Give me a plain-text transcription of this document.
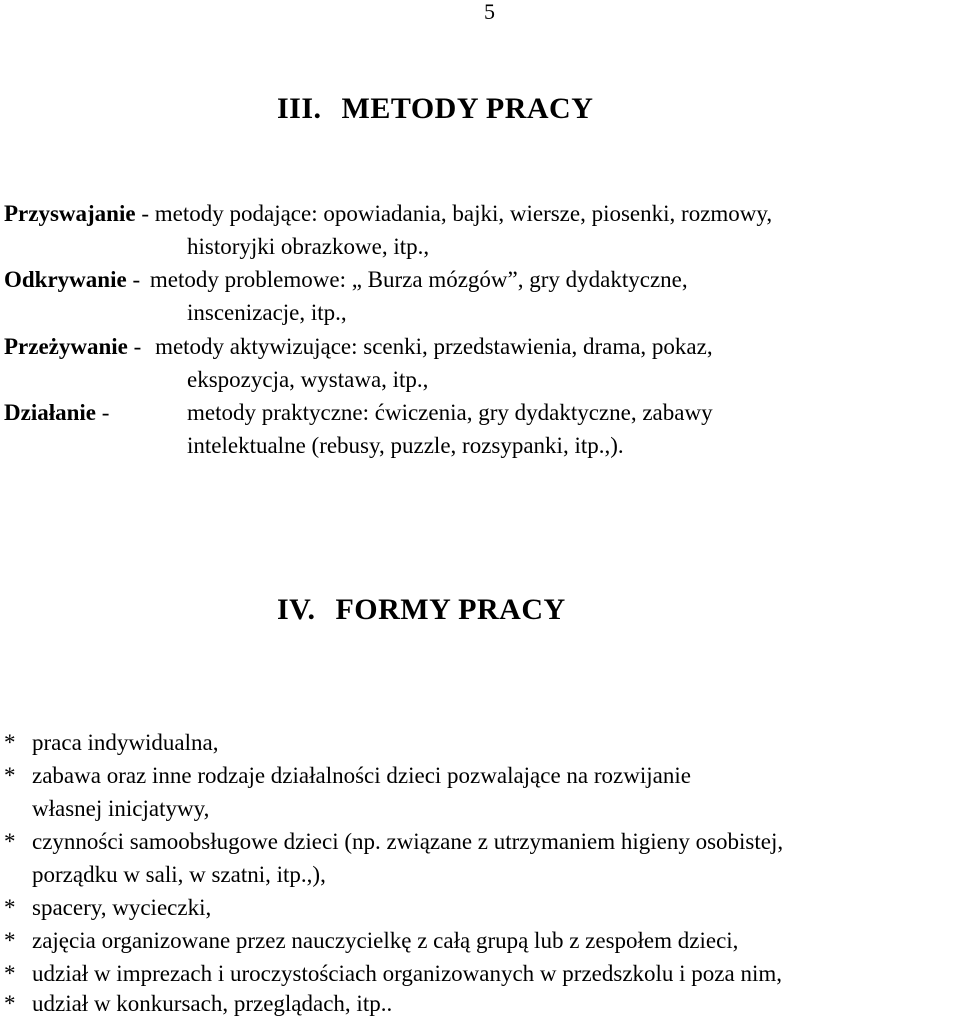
5
III. METODY PRACY
Przyswajanie - metody podające: opowiadania, bajki, wiersze, piosenki, rozmowy,
historyjki obrazkowe, itp.,
Odkrywanie - metody problemowe: „ Burza mózgów”, gry dydaktyczne,
inscenizacje, itp.,
Przeżywanie - metody aktywizujące: scenki, przedstawienia, drama, pokaz,
ekspozycja, wystawa, itp.,
Działanie -	metody praktyczne: ćwiczenia, gry dydaktyczne, zabawy
intelektualne (rebusy, puzzle, rozsypanki, itp.,).
IV. FORMY PRACY
* praca indywidualna,
* zabawa oraz inne rodzaje działalności dzieci pozwalające na rozwijanie
własnej inicjatywy,
* czynności samoobsługowe dzieci (np. związane z utrzymaniem higieny osobistej,
porządku w sali, w szatni, itp.,),
* spacery, wycieczki,
* zajęcia organizowane przez nauczycielkę z całą grupą lub z zespołem dzieci,
* udział w imprezach i uroczystościach organizowanych w przedszkolu i poza nim,
* udział w konkursach, przeglądach, itp..
